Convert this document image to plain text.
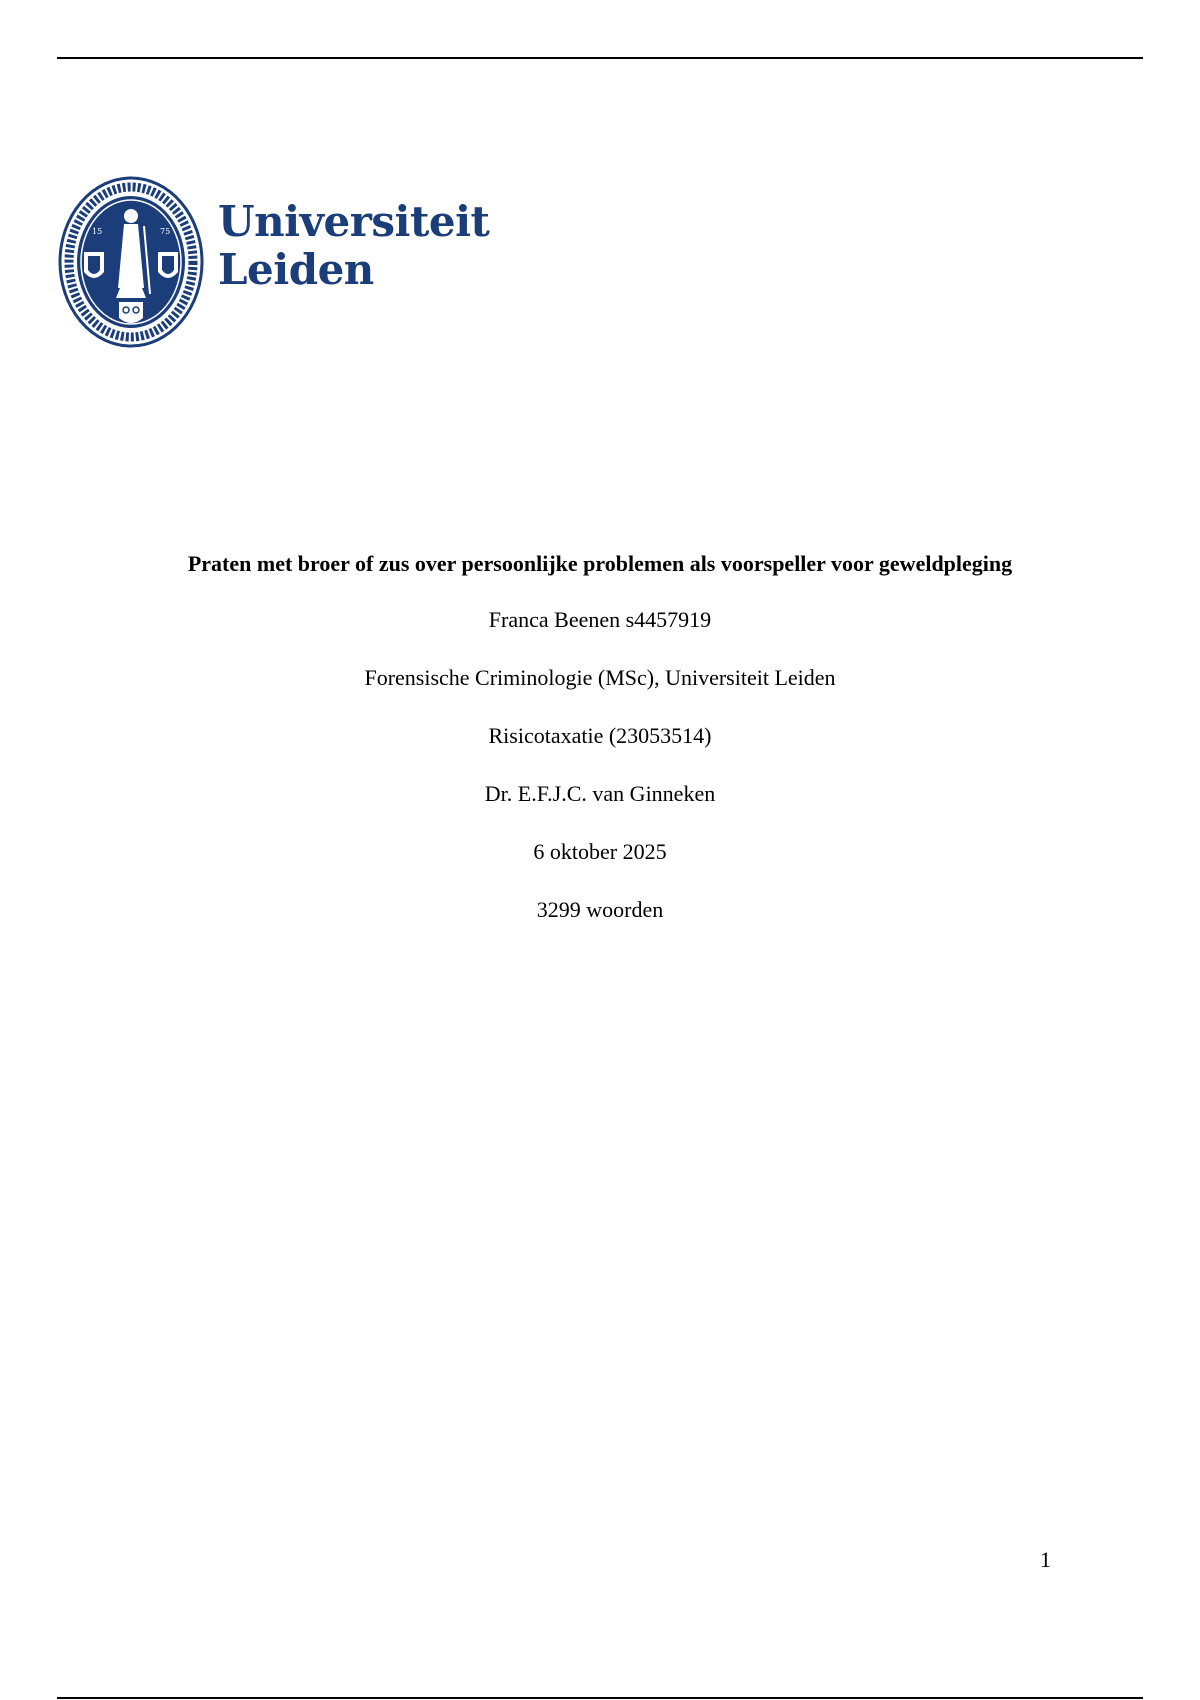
15	75 Universiteit
Leiden

Praten met broer of zus over persoonlijke problemen als voorspeller voor geweldpleging

Franca Beenen s4457919

Forensische Criminologie (MSc), Universiteit Leiden

Risicotaxatie (23053514)

Dr. E.F.J.C. van Ginneken

6 oktober 2025

3299 woorden

1
